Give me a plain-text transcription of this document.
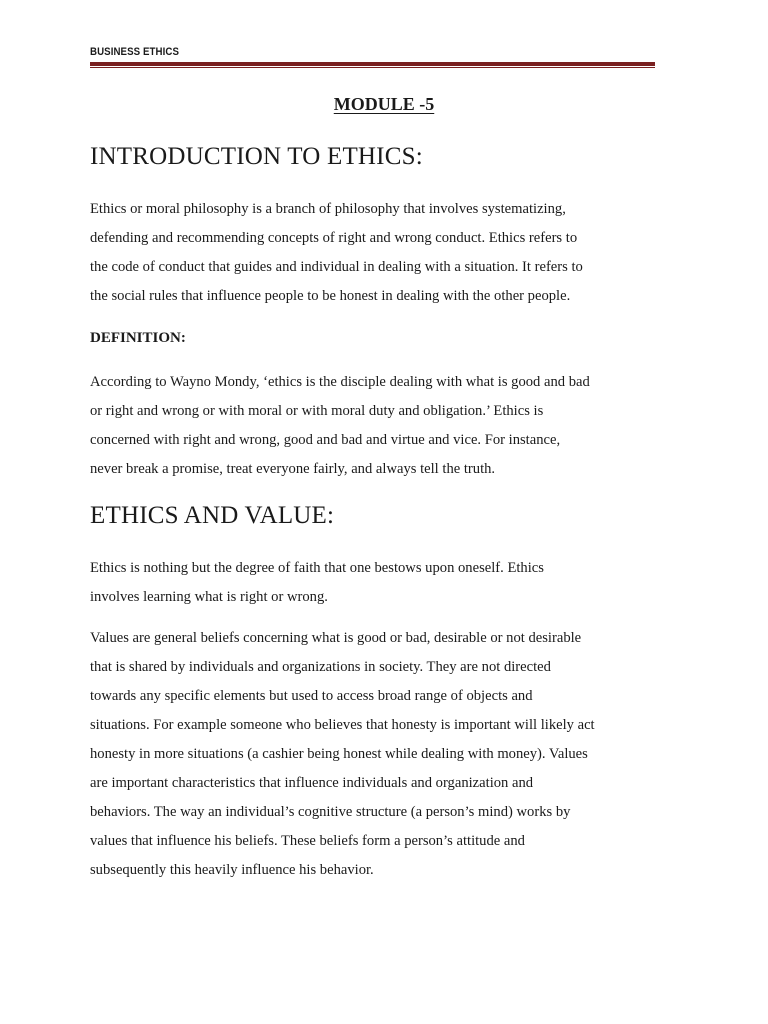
BUSINESS ETHICS
MODULE -5
INTRODUCTION TO ETHICS:
Ethics or moral philosophy is a branch of philosophy that involves systematizing,
defending and recommending concepts of right and wrong conduct. Ethics refers to
the code of conduct that guides and individual in dealing with a situation. It refers to
the social rules that influence people to be honest in dealing with the other people.
DEFINITION:
According to Wayno Mondy, ‘ethics is the disciple dealing with what is good and bad
or right and wrong or with moral or with moral duty and obligation.’ Ethics is
concerned with right and wrong, good and bad and virtue and vice. For instance,
never break a promise, treat everyone fairly, and always tell the truth.
ETHICS AND VALUE:
Ethics is nothing but the degree of faith that one bestows upon oneself. Ethics
involves learning what is right or wrong.
Values are general beliefs concerning what is good or bad, desirable or not desirable
that is shared by individuals and organizations in society. They are not directed
towards any specific elements but used to access broad range of objects and
situations. For example someone who believes that honesty is important will likely act
honesty in more situations (a cashier being honest while dealing with money). Values
are important characteristics that influence individuals and organization and
behaviors. The way an individual’s cognitive structure (a person’s mind) works by
values that influence his beliefs. These beliefs form a person’s attitude and
subsequently this heavily influence his behavior.
